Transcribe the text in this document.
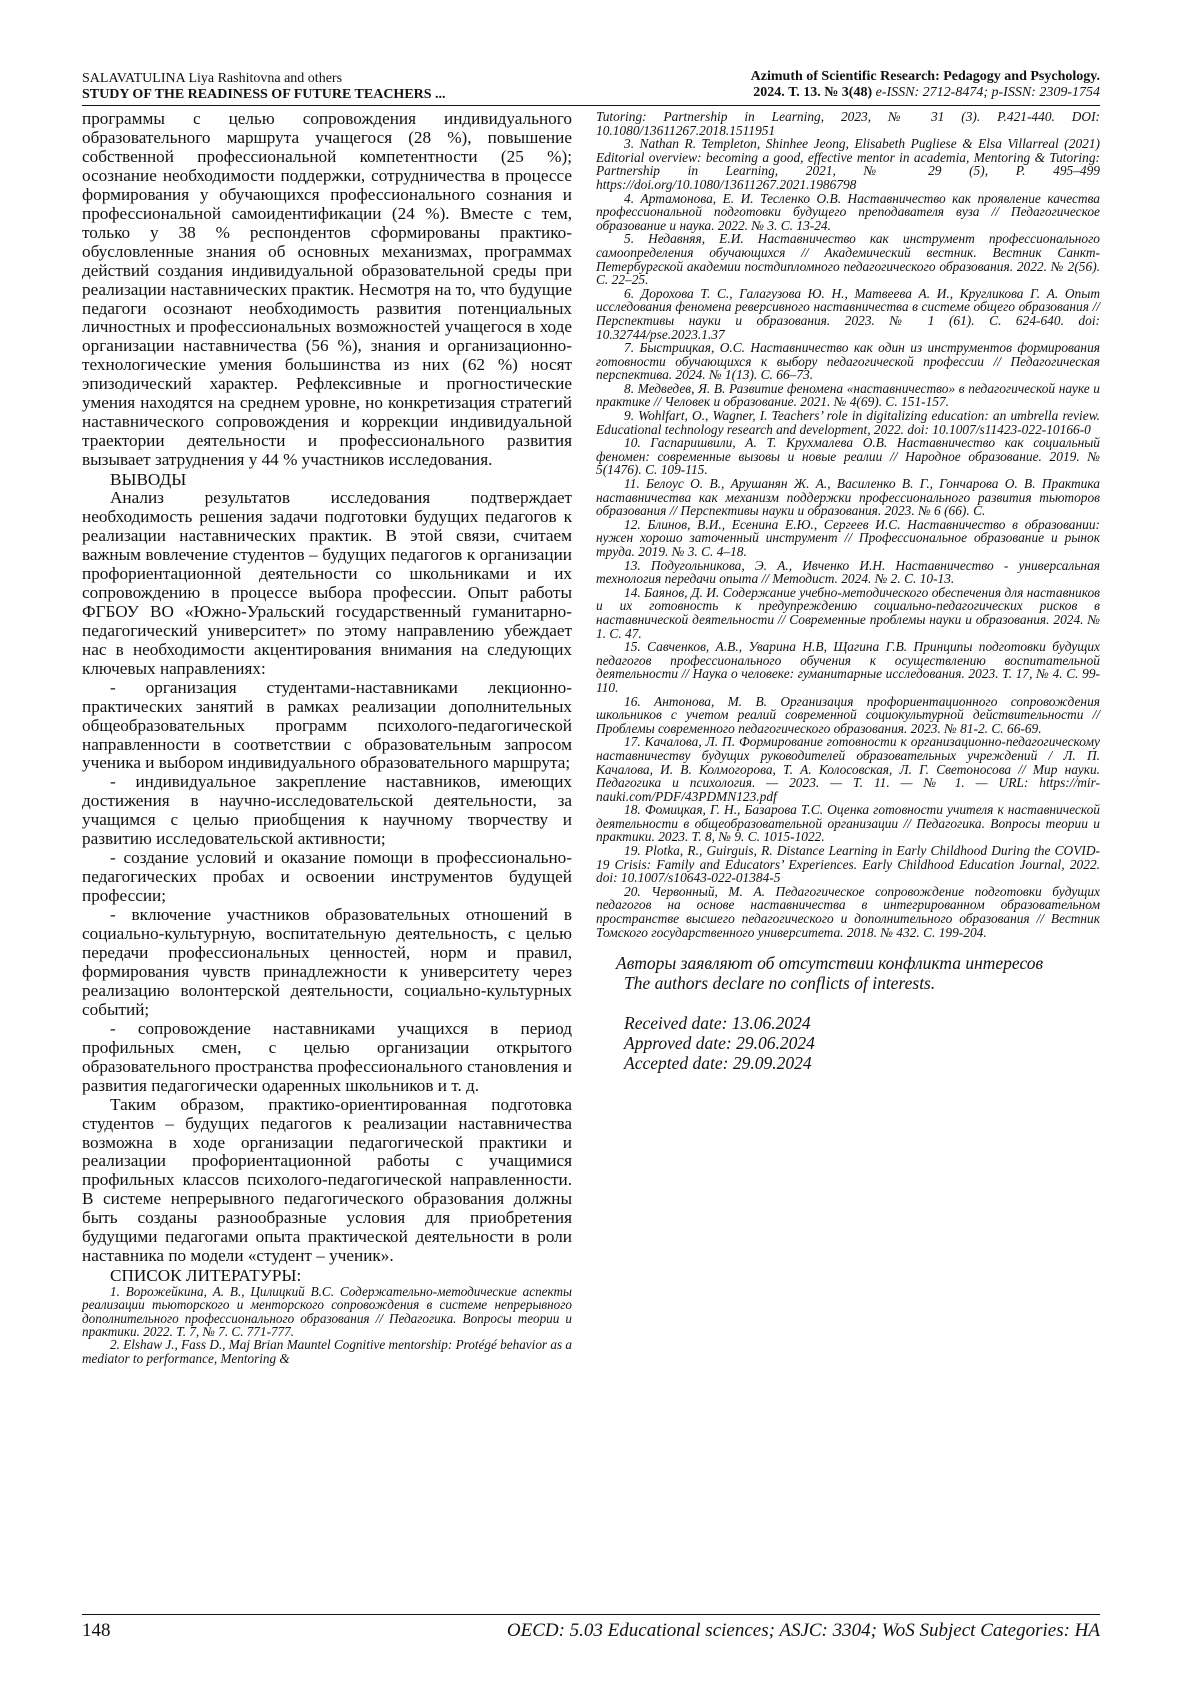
SALAVATULINA Liya Rashitovna and others
STUDY OF THE READINESS OF FUTURE TEACHERS ...
Azimuth of Scientific Research: Pedagogy and Psychology.
2024. Т. 13. № 3(48) e-ISSN: 2712-8474; p-ISSN: 2309-1754

программы с целью сопровождения индивидуального образовательного маршрута учащегося (28 %), повышение собственной профессиональной компетентности (25 %); осознание необходимости поддержки, сотрудничества в процессе формирования у обучающихся профессионального сознания и профессиональной самоидентификации (24 %). Вместе с тем, только у 38 % респондентов сформированы практико-обусловленные знания об основных механизмах, программах действий создания индивидуальной образовательной среды при реализации наставнических практик. Несмотря на то, что будущие педагоги осознают необходимость развития потенциальных личностных и профессиональных возможностей учащегося в ходе организации наставничества (56 %), знания и организационно-технологические умения большинства из них (62 %) носят эпизодический характер. Рефлексивные и прогностические умения находятся на среднем уровне, но конкретизация стратегий наставнического сопровождения и коррекции индивидуальной траектории деятельности и профессионального развития вызывает затруднения у 44 % участников исследования.

ВЫВОДЫ

Анализ результатов исследования подтверждает необходимость решения задачи подготовки будущих педагогов к реализации наставнических практик. В этой связи, считаем важным вовлечение студентов – будущих педагогов к организации профориентационной деятельности со школьниками и их сопровождению в процессе выбора профессии. Опыт работы ФГБОУ ВО «Южно-Уральский государственный гуманитарно-педагогический университет» по этому направлению убеждает нас в необходимости акцентирования внимания на следующих ключевых направлениях:

- организация студентами-наставниками лекционно-практических занятий в рамках реализации дополнительных общеобразовательных программ психолого-педагогической направленности в соответствии с образовательным запросом ученика и выбором индивидуального образовательного маршрута;

- индивидуальное закрепление наставников, имеющих достижения в научно-исследовательской деятельности, за учащимся с целью приобщения к научному творчеству и развитию исследовательской активности;

- создание условий и оказание помощи в профессионально-педагогических пробах и освоении инструментов будущей профессии;

- включение участников образовательных отношений в социально-культурную, воспитательную деятельность, с целью передачи профессиональных ценностей, норм и правил, формирования чувств принадлежности к университету через реализацию волонтерской деятельности, социально-культурных событий;

- сопровождение наставниками учащихся в период профильных смен, с целью организации открытого образовательного пространства профессионального становления и развития педагогически одаренных школьников и т. д.

Таким образом, практико-ориентированная подготовка студентов – будущих педагогов к реализации наставничества возможна в ходе организации педагогической практики и реализации профориентационной работы с учащимися профильных классов психолого-педагогической направленности. В системе непрерывного педагогического образования должны быть созданы разнообразные условия для приобретения будущими педагогами опыта практической деятельности в роли наставника по модели «студент – ученик».

СПИСОК ЛИТЕРАТУРЫ:

1. Ворожейкина, А. В., Цилицкий В.С. Содержательно-методические аспекты реализации тьюторского и менторского сопровождения в системе непрерывного дополнительного профессионального образования // Педагогика. Вопросы теории и практики. 2022. Т. 7, № 7. С. 771-777.

2. Elshaw J., Fass D., Maj Brian Mauntel Cognitive mentorship: Protégé behavior as a mediator to performance, Mentoring &

Tutoring: Partnership in Learning, 2023, № 31 (3). P.421-440. DOI: 10.1080/13611267.2018.1511951

3. Nathan R. Templeton, Shinhee Jeong, Elisabeth Pugliese & Elsa Villarreal (2021) Editorial overview: becoming a good, effective mentor in academia, Mentoring & Tutoring: Partnership in Learning, 2021, № 29 (5), P. 495–499 https://doi.org/10.1080/13611267.2021.1986798

4. Артамонова, Е. И. Тесленко О.В. Наставничество как проявление качества профессиональной подготовки будущего преподавателя вуза // Педагогическое образование и наука. 2022. № 3. С. 13-24.

5. Недавняя, Е.И. Наставничество как инструмент профессионального самоопределения обучающихся // Академический вестник. Вестник Санкт-Петербургской академии постдипломного педагогического образования. 2022. № 2(56). С. 22–25.

6. Дорохова Т. С., Галагузова Ю. Н., Матвеева А. И., Кругликова Г. А. Опыт исследования феномена реверсивного наставничества в системе общего образования // Перспективы науки и образования. 2023. № 1 (61). С. 624-640. doi: 10.32744/pse.2023.1.37

7. Быстрицкая, О.С. Наставничество как один из инструментов формирования готовности обучающихся к выбору педагогической профессии // Педагогическая перспектива. 2024. № 1(13). С. 66–73.

8. Медведев, Я. В. Развитие феномена «наставничество» в педагогической науке и практике // Человек и образование. 2021. № 4(69). С. 151-157.

9. Wohlfart, O., Wagner, I. Teachers’ role in digitalizing education: an umbrella review. Educational technology research and development, 2022. doi: 10.1007/s11423-022-10166-0

10. Гаспаришвили, А. Т. Крухмалева О.В. Наставничество как социальный феномен: современные вызовы и новые реалии // Народное образование. 2019. № 5(1476). С. 109-115.

11. Белоус О. В., Арушанян Ж. А., Василенко В. Г., Гончарова О. В. Практика наставничества как механизм поддержки профессионального развития тьюторов образования // Перспективы науки и образования. 2023. № 6 (66). С.

12. Блинов, В.И., Есенина Е.Ю., Сергеев И.С. Наставничество в образовании: нужен хорошо заточенный инструмент // Профессиональное образование и рынок труда. 2019. № 3. С. 4–18.

13. Подугольникова, Э. А., Ивченко И.Н. Наставничество - универсальная технология передачи опыта // Методист. 2024. № 2. С. 10-13.

14. Баянов, Д. И. Содержание учебно-методического обеспечения для наставников и их готовность к предупреждению социально-педагогических рисков в наставнической деятельности // Современные проблемы науки и образования. 2024. № 1. С. 47.

15. Савченков, А.В., Уварина Н.В, Щагина Г.В. Принципы подготовки будущих педагогов профессионального обучения к осуществлению воспитательной деятельности // Наука о человеке: гуманитарные исследования. 2023. Т. 17, № 4. С. 99-110.

16. Антонова, М. В. Организация профориентационного сопровождения школьников с учетом реалий современной социокультурной действительности // Проблемы современного педагогического образования. 2023. № 81-2. С. 66-69.

17. Качалова, Л. П. Формирование готовности к организационно-педагогическому наставничеству будущих руководителей образовательных учреждений / Л. П. Качалова, И. В. Колмогорова, Т. А. Колосовская, Л. Г. Светоносова // Мир науки. Педагогика и психология. — 2023. — Т. 11. — № 1. — URL: https://mir-nauki.com/PDF/43PDMN123.pdf

18. Фомицкая, Г. Н., Базарова Т.С. Оценка готовности учителя к наставнической деятельности в общеобразовательной организации // Педагогика. Вопросы теории и практики. 2023. Т. 8, № 9. С. 1015-1022.

19. Plotka, R., Guirguis, R. Distance Learning in Early Childhood During the COVID-19 Crisis: Family and Educators’ Experiences. Early Childhood Education Journal, 2022. doi: 10.1007/s10643-022-01384-5

20. Червонный, М. А. Педагогическое сопровождение подготовки будущих педагогов на основе наставничества в интегрированном образовательном пространстве высшего педагогического и дополнительного образования // Вестник Томского государственного университета. 2018. № 432. С. 199-204.

Авторы заявляют об отсутствии конфликта интересов

The authors declare no conflicts of interests.

Received date: 13.06.2024

Approved date: 29.06.2024

Accepted date: 29.09.2024

148	OECD: 5.03 Educational sciences; ASJC: 3304; WoS Subject Categories: HA
